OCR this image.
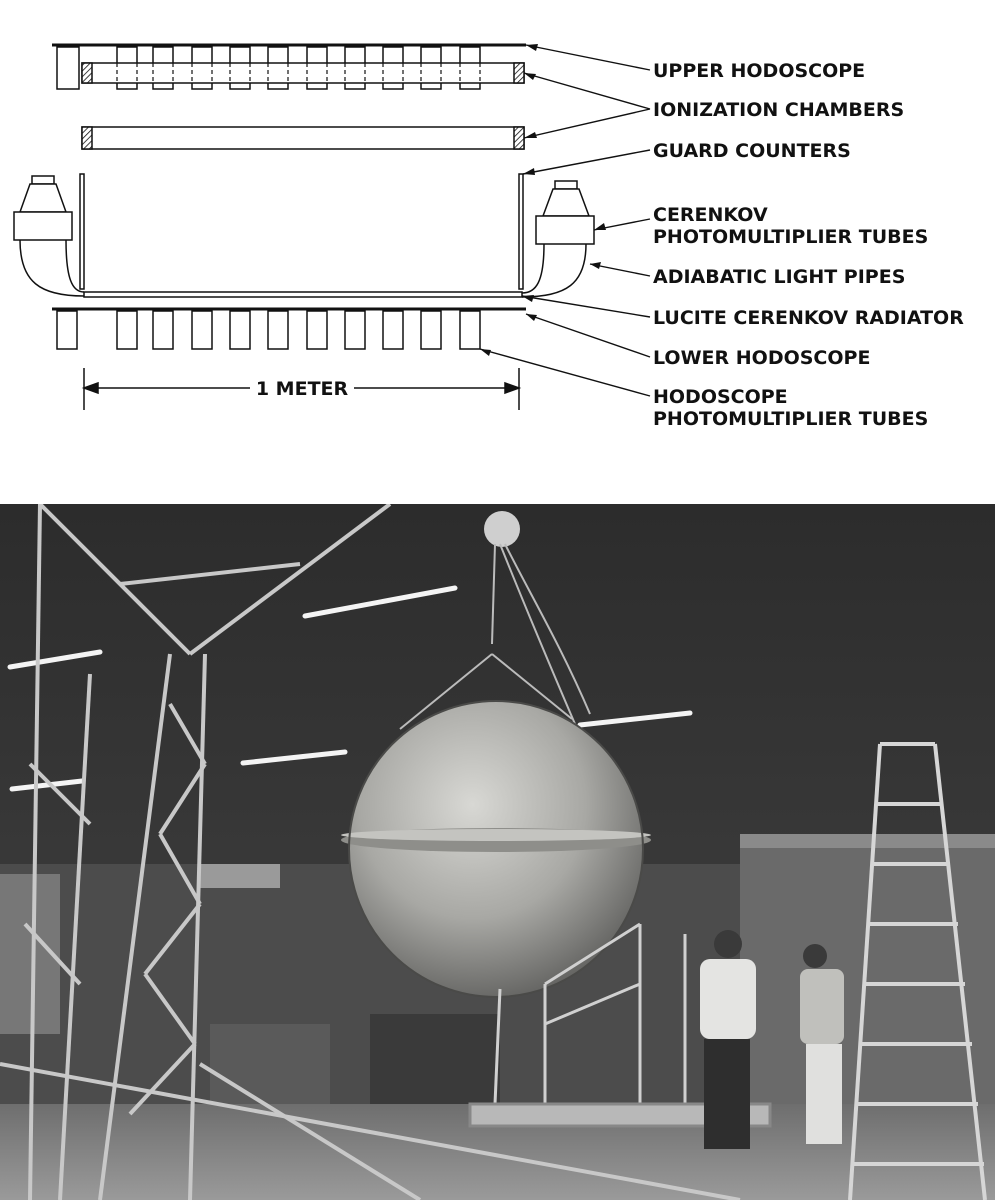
1 METER
UPPER HODOSCOPE
IONIZATION CHAMBERS
GUARD COUNTERS
CERENKOV
PHOTOMULTIPLIER TUBES
ADIABATIC LIGHT PIPES
LUCITE CERENKOV RADIATOR
LOWER HODOSCOPE
HODOSCOPE
PHOTOMULTIPLIER TUBES
